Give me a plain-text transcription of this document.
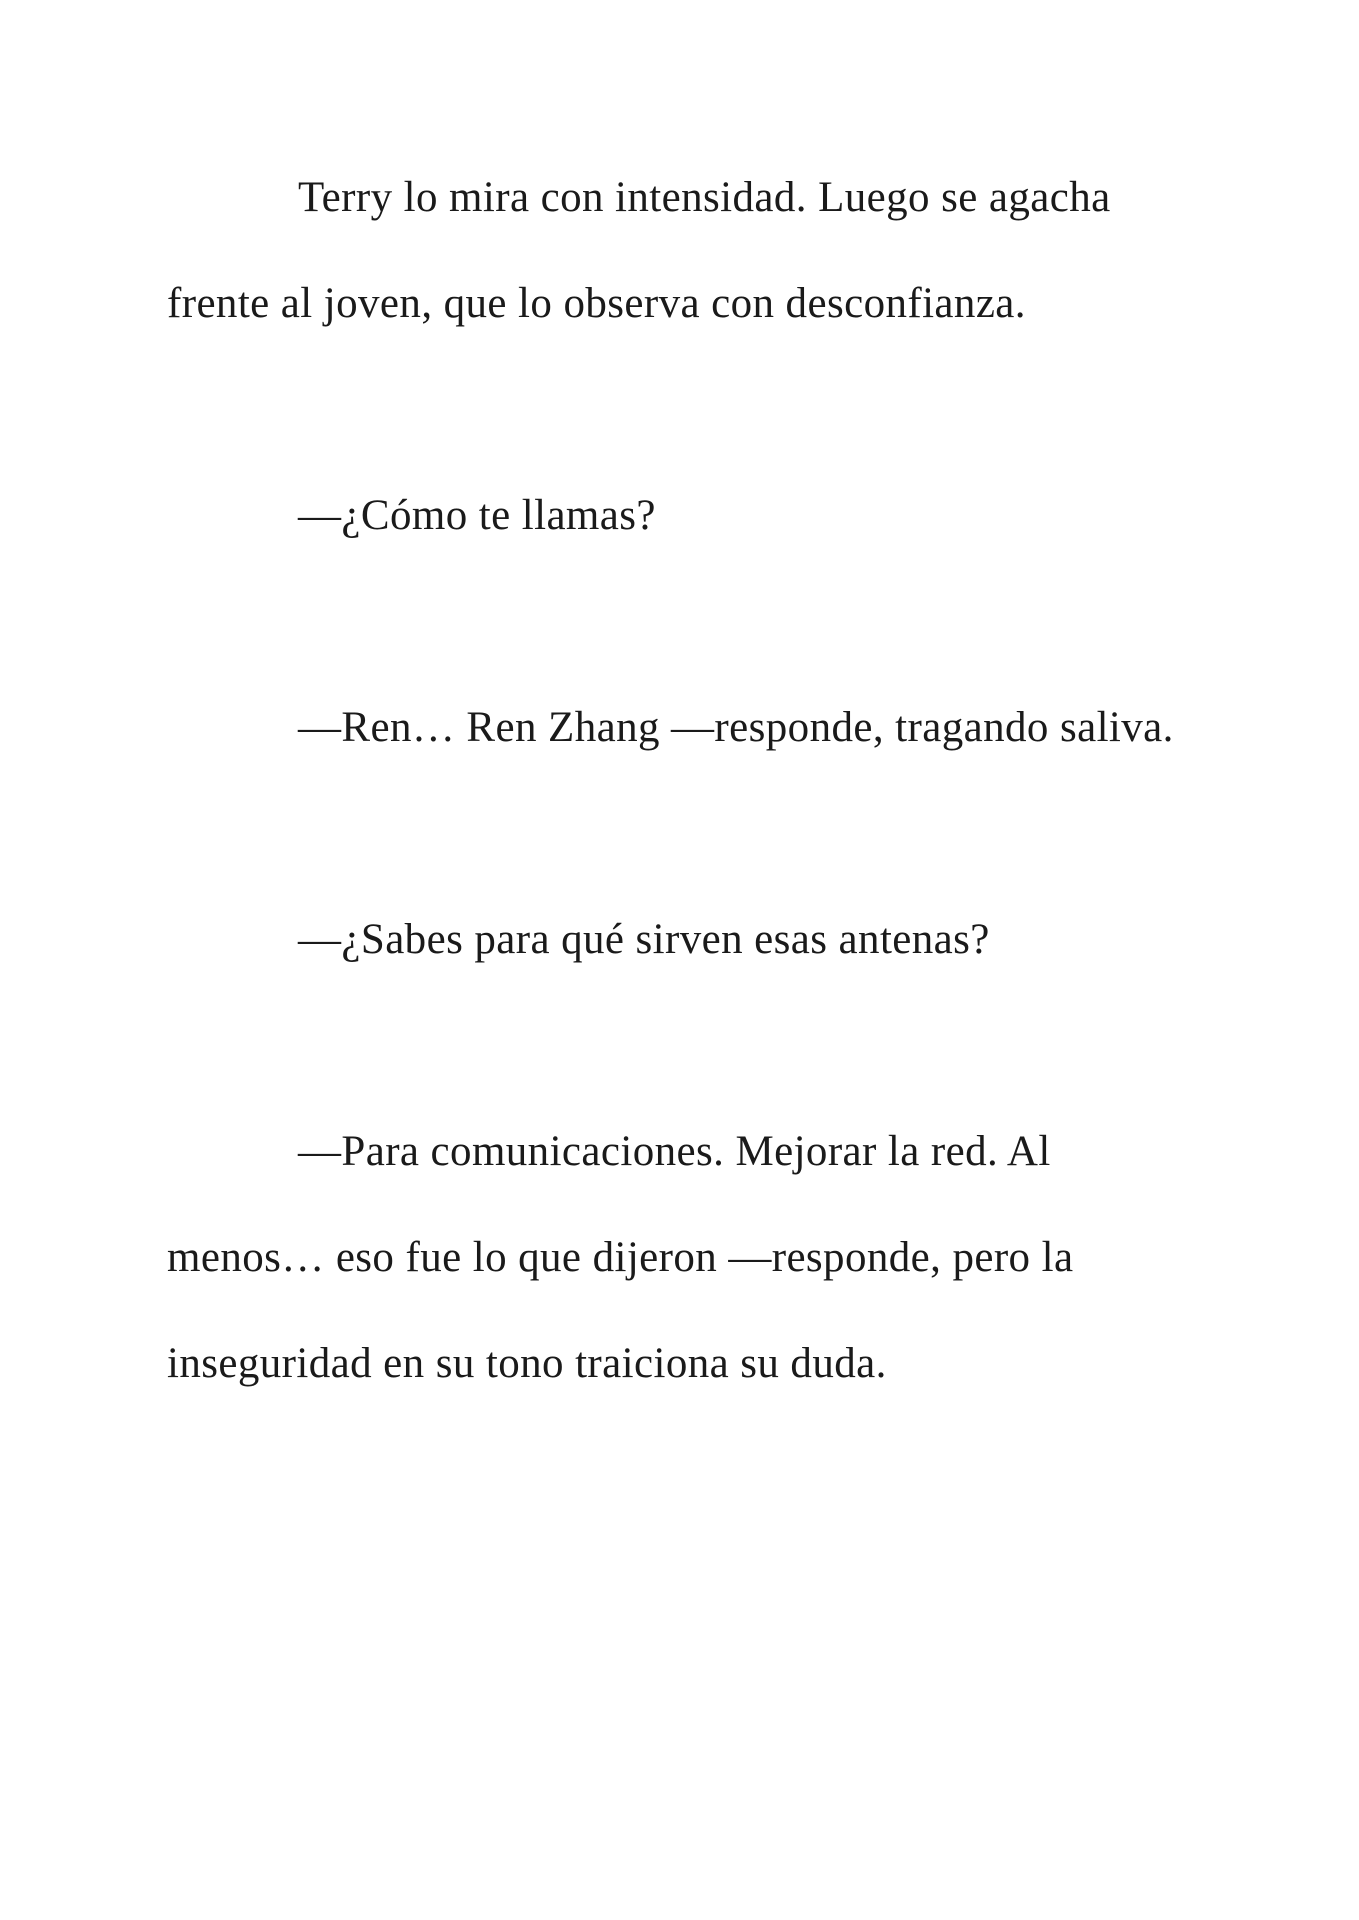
Terry lo mira con intensidad. Luego se agacha frente al joven, que lo observa con desconfianza.

—¿Cómo te llamas?

—Ren… Ren Zhang —responde, tragando saliva.

—¿Sabes para qué sirven esas antenas?

—Para comunicaciones. Mejorar la red. Al menos… eso fue lo que dijeron —responde, pero la inseguridad en su tono traiciona su duda.
